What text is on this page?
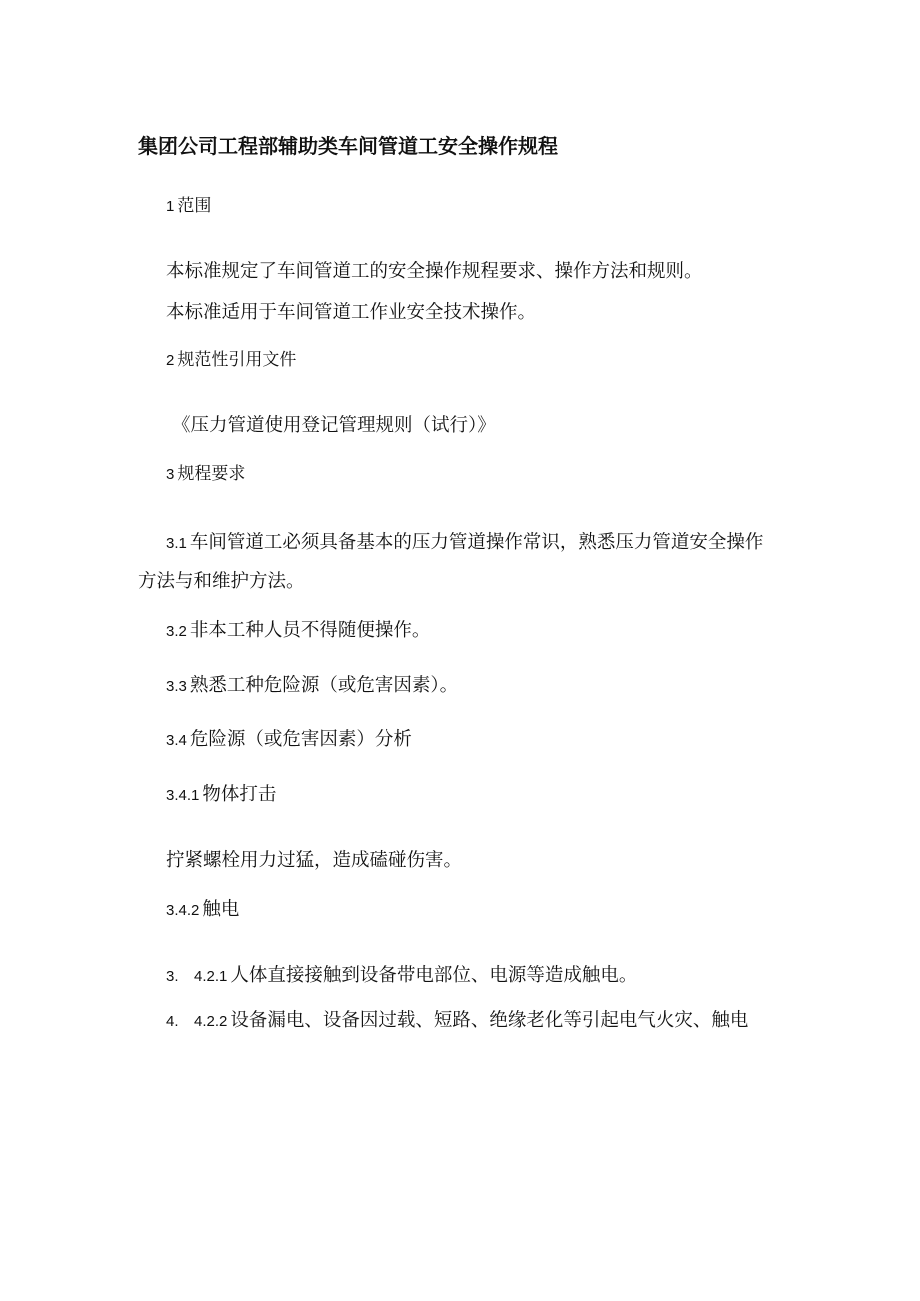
集团公司工程部辅助类车间管道工安全操作规程
1 范围
本标准规定了车间管道工的安全操作规程要求、操作方法和规则。
本标准适用于车间管道工作业安全技术操作。
2 规范性引用文件
《压力管道使用登记管理规则（试行）》
3 规程要求
3.1 车间管道工必须具备基本的压力管道操作常识，熟悉压力管道安全操作
方法与和维护方法。
3.2 非本工种人员不得随便操作。
3.3 熟悉工种危险源（或危害因素）。
3.4 危险源（或危害因素）分析
3.4.1 物体打击
拧紧螺栓用力过猛，造成磕碰伤害。
3.4.2 触电
3. 4.2.1 人体直接接触到设备带电部位、电源等造成触电。
4. 4.2.2 设备漏电、设备因过载、短路、绝缘老化等引起电气火灾、触电
